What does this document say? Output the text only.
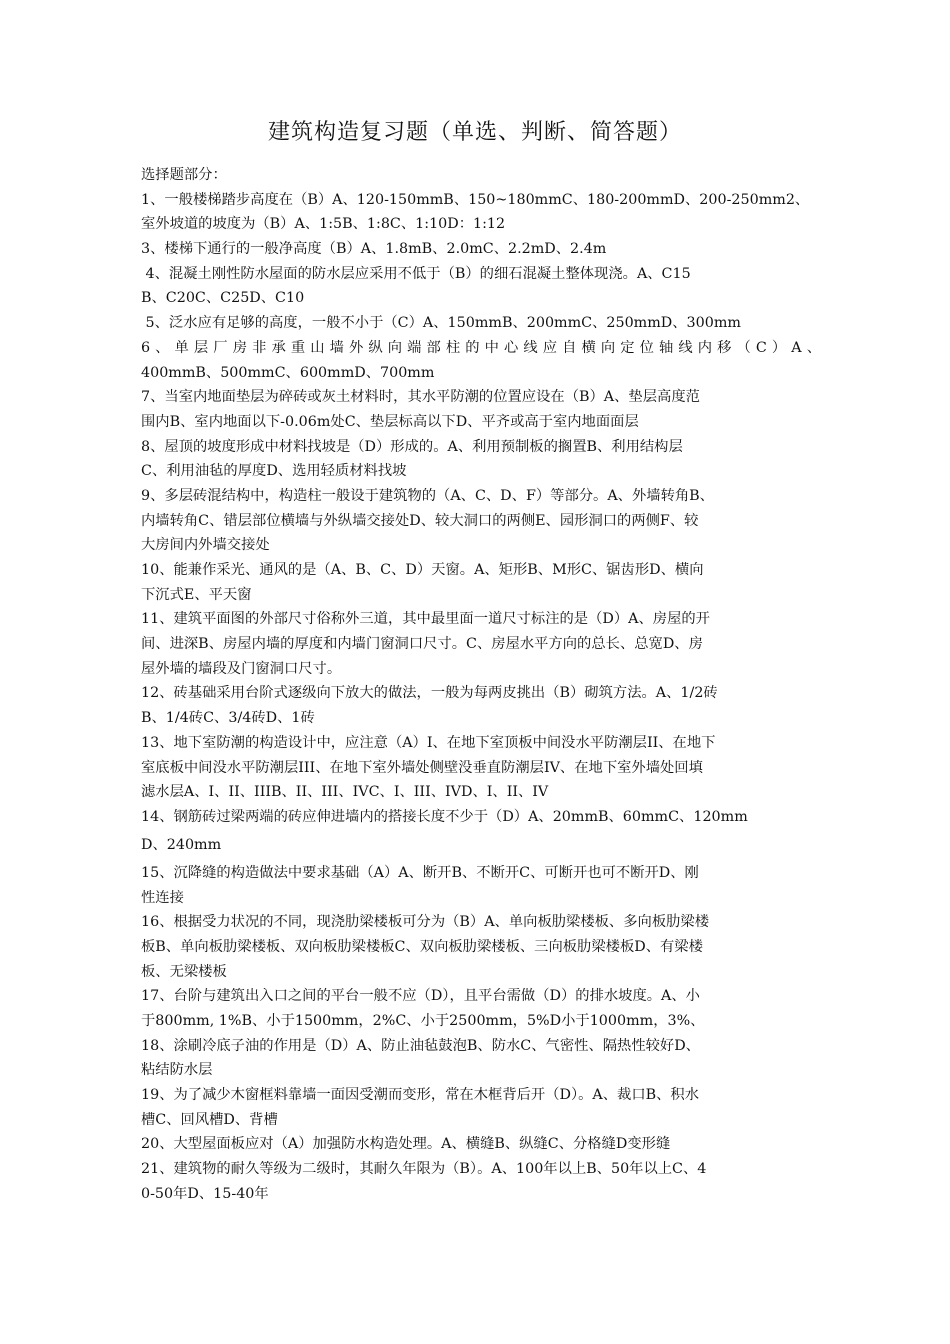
建筑构造复习题（单选、判断、简答题）
选择题部分：
1、一般楼梯踏步高度在（B）A、120-150mmB、150~180mmC、180-200mmD、200-250mm2、
室外坡道的坡度为（B）A、1:5B、1:8C、1:10D：1:12
3、楼梯下通行的一般净高度（B）A、1.8mB、2.0mC、2.2mD、2.4m
4、混凝土刚性防水屋面的防水层应采用不低于（B）的细石混凝土整体现浇。A、C15
B、C20C、C25D、C10
5、泛水应有足够的高度，一般不小于（C）A、150mmB、200mmC、250mmD、300mm
6、单层厂房非承重山墙外纵向端部柱的中心线应自横向定位轴线内移（C）A、
400mmB、500mmC、600mmD、700mm
7、当室内地面垫层为碎砖或灰土材料时，其水平防潮的位置应设在（B）A、垫层高度范
围内B、室内地面以下-0.06m处C、垫层标高以下D、平齐或高于室内地面面层
8、屋顶的坡度形成中材料找坡是（D）形成的。A、利用预制板的搁置B、利用结构层
C、利用油毡的厚度D、选用轻质材料找坡
9、多层砖混结构中，构造柱一般设于建筑物的（A、C、D、F）等部分。A、外墙转角B、
内墙转角C、错层部位横墙与外纵墙交接处D、较大洞口的两侧E、园形洞口的两侧F、较
大房间内外墙交接处
10、能兼作采光、通风的是（A、B、C、D）天窗。A、矩形B、M形C、锯齿形D、横向
下沉式E、平天窗
11、建筑平面图的外部尺寸俗称外三道，其中最里面一道尺寸标注的是（D）A、房屋的开
间、进深B、房屋内墙的厚度和内墙门窗洞口尺寸。C、房屋水平方向的总长、总宽D、房
屋外墙的墙段及门窗洞口尺寸。
12、砖基础采用台阶式逐级向下放大的做法，一般为每两皮挑出（B）砌筑方法。A、1/2砖
B、1/4砖C、3/4砖D、1砖
13、地下室防潮的构造设计中，应注意（A）I、在地下室顶板中间没水平防潮层II、在地下
室底板中间没水平防潮层III、在地下室外墙处侧壁没垂直防潮层IV、在地下室外墙处回填
滤水层A、I、II、IIIB、II、III、IVC、I、III、IVD、I、II、IV
14、钢筋砖过梁两端的砖应伸进墙内的搭接长度不少于（D）A、20mmB、60mmC、120mm
D、240mm
15、沉降缝的构造做法中要求基础（A）A、断开B、不断开C、可断开也可不断开D、刚
性连接
16、根据受力状况的不同，现浇肋梁楼板可分为（B）A、单向板肋梁楼板、多向板肋梁楼
板B、单向板肋梁楼板、双向板肋梁楼板C、双向板肋梁楼板、三向板肋梁楼板D、有梁楼
板、无梁楼板
17、台阶与建筑出入口之间的平台一般不应（D），且平台需做（D）的排水坡度。A、小
于800mm, 1%B、小于1500mm，2%C、小于2500mm，5%D小于1000mm，3%、
18、涂刷冷底子油的作用是（D）A、防止油毡鼓泡B、防水C、气密性、隔热性较好D、
粘结防水层
19、为了减少木窗框料靠墙一面因受潮而变形，常在木框背后开（D）。A、裁口B、积水
槽C、回风槽D、背槽
20、大型屋面板应对（A）加强防水构造处理。A、横缝B、纵缝C、分格缝D变形缝
21、建筑物的耐久等级为二级时，其耐久年限为（B）。A、100年以上B、50年以上C、4
0-50年D、15-40年
